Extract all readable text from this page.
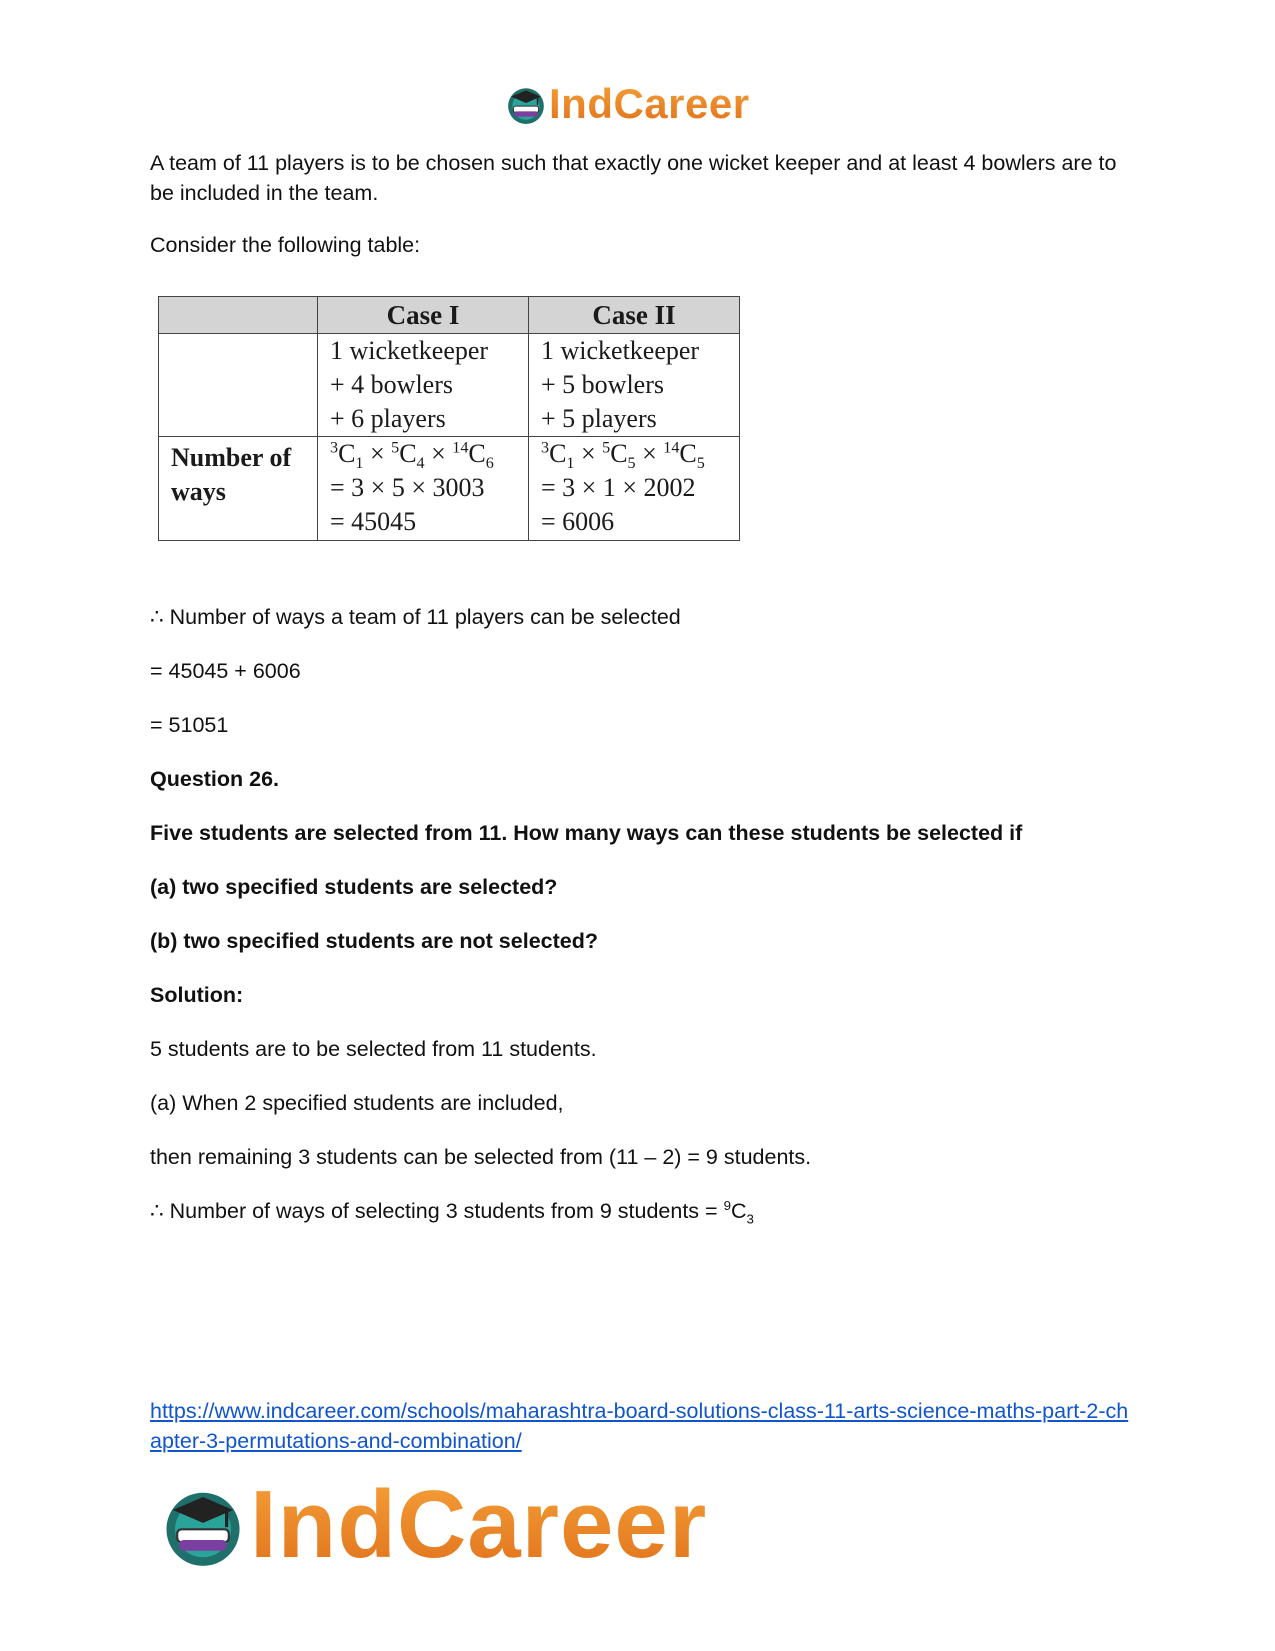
IndCareer

A team of 11 players is to be chosen such that exactly one wicket keeper and at least 4 bowlers are to be included in the team.

Consider the following table:

	Case I	Case II

	1 wicketkeeper
+ 4 bowlers
+ 6 players	1 wicketkeeper
+ 5 bowlers
+ 5 players

Number of
ways	$^3C_1 \times ^5C_4 \times ^{14}C_6$
= 3 × 5 × 3003
= 45045	$^3C_1 \times ^5C_5 \times ^{14}C_5$
= 3 × 1 × 2002
= 6006

∴ Number of ways a team of 11 players can be selected

= 45045 + 6006

= 51051

Question 26.

Five students are selected from 11. How many ways can these students be selected if

(a) two specified students are selected?

(b) two specified students are not selected?

Solution:

5 students are to be selected from 11 students.

(a) When 2 specified students are included,

then remaining 3 students can be selected from (11 – 2) = 9 students.

∴ Number of ways of selecting 3 students from 9 students = $^9C_3$

https://www.indcareer.com/schools/maharashtra-board-solutions-class-11-arts-science-maths-part-2-chapter-3-permutations-and-combination/
IndCareer
